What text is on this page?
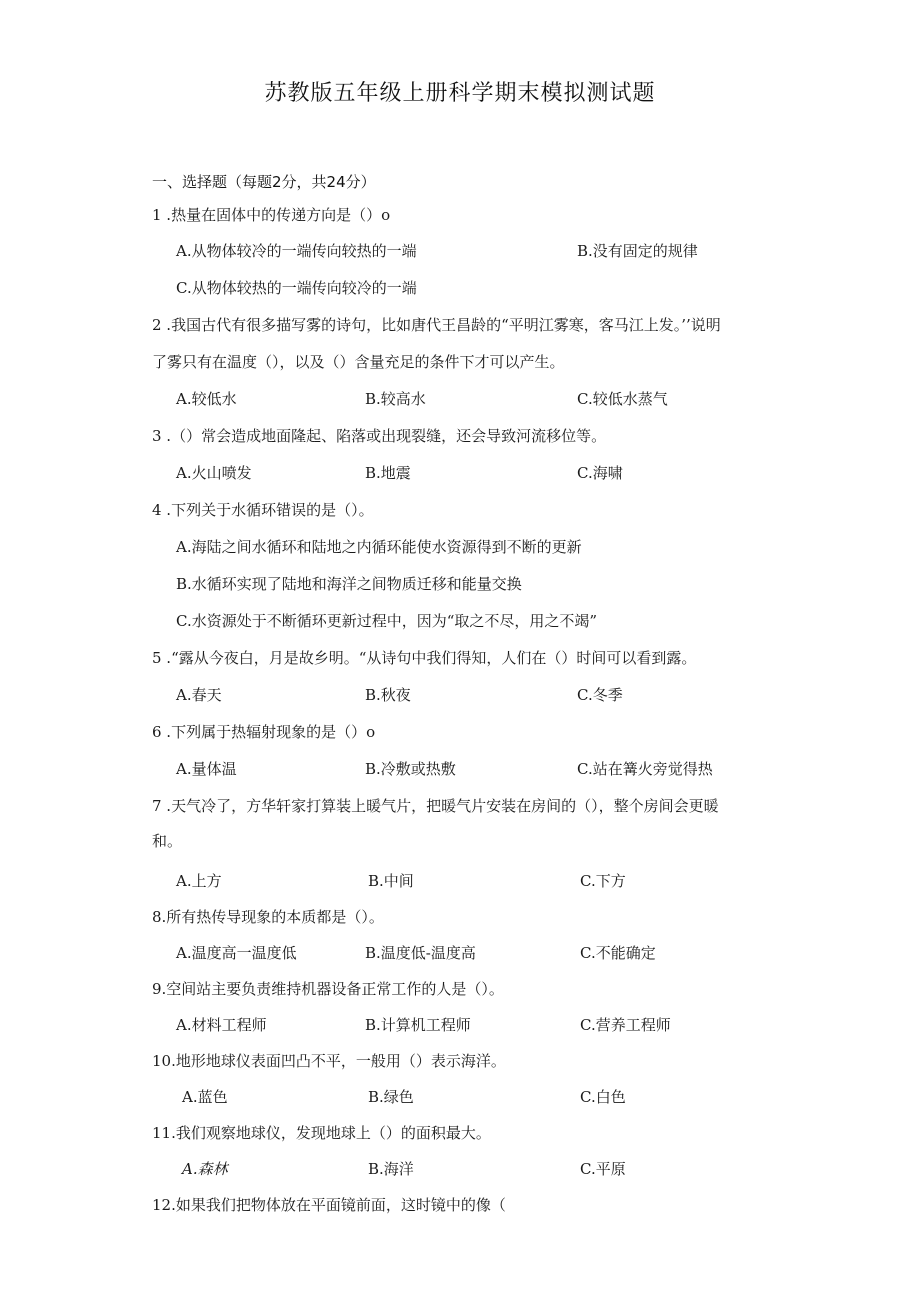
苏教版五年级上册科学期末模拟测试题
一、选择题（每题2分，共24分）
1 .热量在固体中的传递方向是（）o
A.从物体较冷的一端传向较热的一端	B.没有固定的规律
C.从物体较热的一端传向较冷的一端
2 .我国古代有很多描写雾的诗句，比如唐代王昌龄的“平明江雾寒，客马江上发。’’说明
了雾只有在温度（），以及（）含量充足的条件下才可以产生。
A.较低水	B.较高水	C.较低水蒸气
3 .（）常会造成地面隆起、陷落或出现裂缝，还会导致河流移位等。
A.火山喷发	B.地震	C.海啸
4 .下列关于水循环错误的是（）。
A.海陆之间水循环和陆地之内循环能使水资源得到不断的更新
B.水循环实现了陆地和海洋之间物质迁移和能量交换
C.水资源处于不断循环更新过程中，因为“取之不尽，用之不竭”
5 .“露从今夜白，月是故乡明。“从诗句中我们得知，人们在（）时间可以看到露。
A.春天	B.秋夜	C.冬季
6 .下列属于热辐射现象的是（）o
A.量体温	B.冷敷或热敷	C.站在篝火旁觉得热
7 .天气冷了，方华轩家打算装上暖气片，把暖气片安装在房间的（），整个房间会更暖
和。
A.上方	B.中间	C.下方
8.所有热传导现象的本质都是（）。
A.温度高一温度低	B.温度低-温度高	C.不能确定
9.空间站主要负责维持机器设备正常工作的人是（）。
A.材料工程师	B.计算机工程师	C.营养工程师
10.地形地球仪表面凹凸不平，一般用（）表示海洋。
A.蓝色	B.绿色	C.白色
11.我们观察地球仪，发现地球上（）的面积最大。
A.森林	B.海洋	C.平原
12.如果我们把物体放在平面镜前面，这时镜中的像（
